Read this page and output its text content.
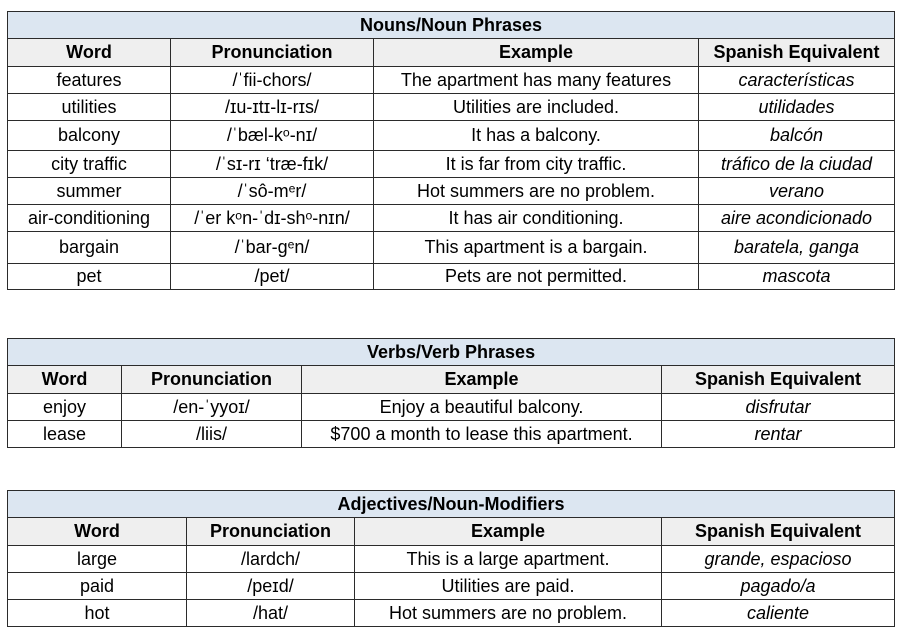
Nouns/Noun Phrases			
Word	Pronunciation	Example	Spanish Equivalent
features	/ˈfii-chors/	The apartment has many features	características
utilities	/ɪu-ɪtɪ-lɪ-rɪs/	Utilities are included.	utilidades
balcony	/ˈbæl-kᵒ-nɪ/	It has a balcony.	balcón
city traffic	/ˈsɪ-rɪ ‘træ-fɪk/	It is far from city traffic.	tráfico de la ciudad
summer	/ˈsô-mᵉr/	Hot summers are no problem.	verano
air-conditioning	/ˈer kᵒn-ˈdɪ-shᵒ-nɪn/	It has air conditioning.	aire acondicionado
bargain	/ˈbar-gᵉn/	This apartment is a bargain.	baratela, ganga
pet	/pet/	Pets are not permitted.	mascota
Verbs/Verb Phrases			
Word	Pronunciation	Example	Spanish Equivalent
enjoy	/en-ˈyyoɪ/	Enjoy a beautiful balcony.	disfrutar
lease	/liis/	$700 a month to lease this apartment.	rentar
Adjectives/Noun-Modifiers			
Word	Pronunciation	Example	Spanish Equivalent
large	/lardch/	This is a large apartment.	grande, espacioso
paid	/peɪd/	Utilities are paid.	pagado/a
hot	/hat/	Hot summers are no problem.	caliente
